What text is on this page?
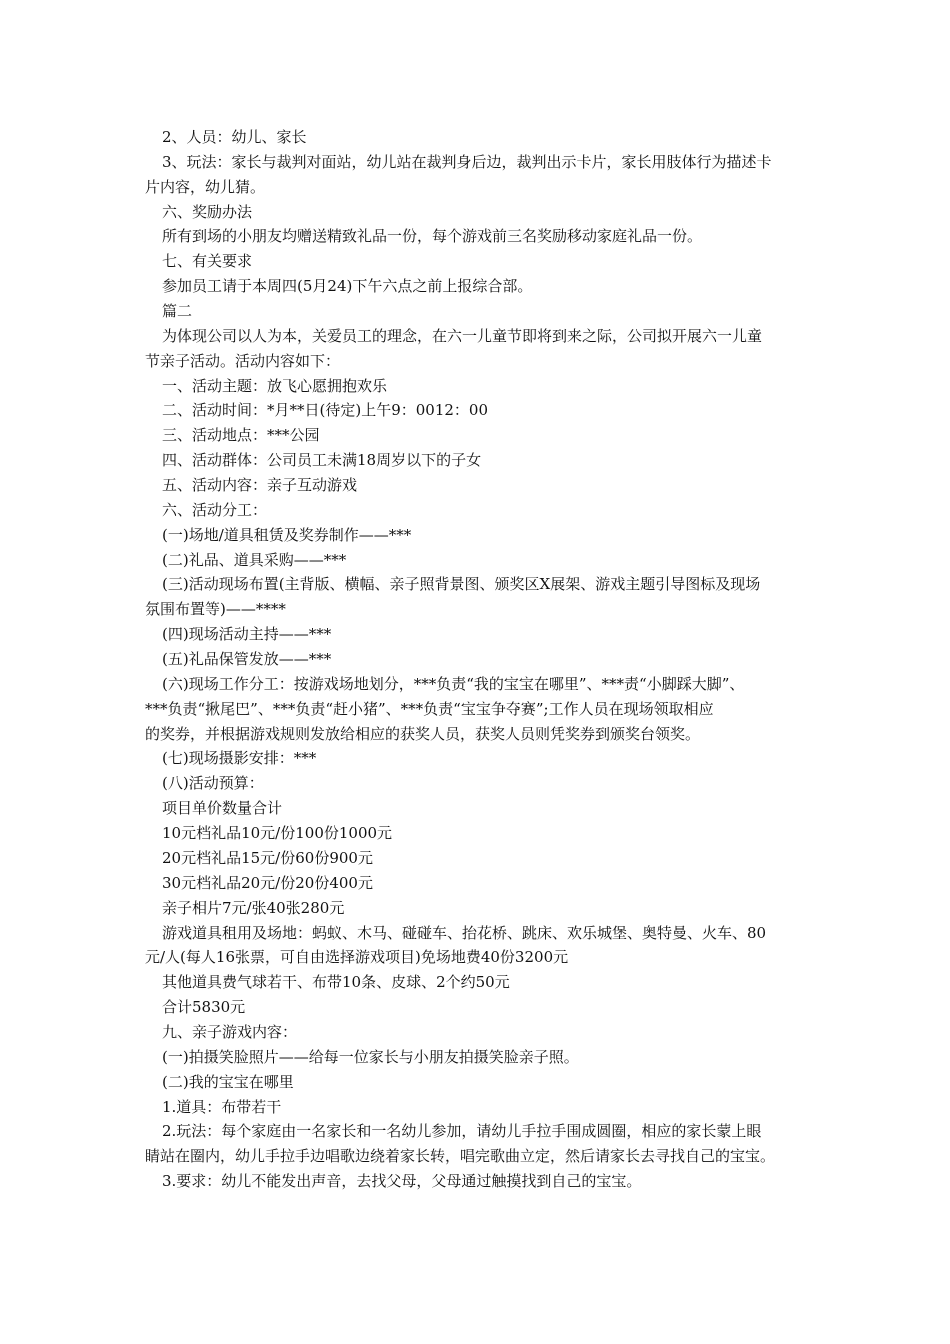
2、人员：幼儿、家长
3、玩法：家长与裁判对面站，幼儿站在裁判身后边，裁判出示卡片，家长用肢体行为描述卡
片内容，幼儿猜。
六、奖励办法
所有到场的小朋友均赠送精致礼品一份，每个游戏前三名奖励移动家庭礼品一份。
七、有关要求
参加员工请于本周四(5月24)下午六点之前上报综合部。
篇二
为体现公司以人为本，关爱员工的理念，在六一儿童节即将到来之际，公司拟开展六一儿童
节亲子活动。活动内容如下：
一、活动主题：放飞心愿拥抱欢乐
二、活动时间：*月**日(待定)上午9：0012：00
三、活动地点：***公园
四、活动群体：公司员工未满18周岁以下的子女
五、活动内容：亲子互动游戏
六、活动分工：
(一)场地/道具租赁及奖券制作——***
(二)礼品、道具采购——***
(三)活动现场布置(主背版、横幅、亲子照背景图、颁奖区X展架、游戏主题引导图标及现场
氛围布置等)——****
(四)现场活动主持——***
(五)礼品保管发放——***
(六)现场工作分工：按游戏场地划分，***负责“我的宝宝在哪里”、***责“小脚踩大脚”、
***负责“揪尾巴”、***负责“赶小猪”、***负责“宝宝争夺赛”;工作人员在现场领取相应
的奖券，并根据游戏规则发放给相应的获奖人员，获奖人员则凭奖券到颁奖台领奖。
(七)现场摄影安排：***
(八)活动预算：
项目单价数量合计
10元档礼品10元/份100份1000元
20元档礼品15元/份60份900元
30元档礼品20元/份20份400元
亲子相片7元/张40张280元
游戏道具租用及场地：蚂蚁、木马、碰碰车、抬花桥、跳床、欢乐城堡、奥特曼、火车、80
元/人(每人16张票，可自由选择游戏项目)免场地费40份3200元
其他道具费气球若干、布带10条、皮球、2个约50元
合计5830元
九、亲子游戏内容：
(一)拍摄笑脸照片——给每一位家长与小朋友拍摄笑脸亲子照。
(二)我的宝宝在哪里
1.道具：布带若干
2.玩法：每个家庭由一名家长和一名幼儿参加，请幼儿手拉手围成圆圈，相应的家长蒙上眼
睛站在圈内，幼儿手拉手边唱歌边绕着家长转，唱完歌曲立定，然后请家长去寻找自己的宝宝。
3.要求：幼儿不能发出声音，去找父母，父母通过触摸找到自己的宝宝。
